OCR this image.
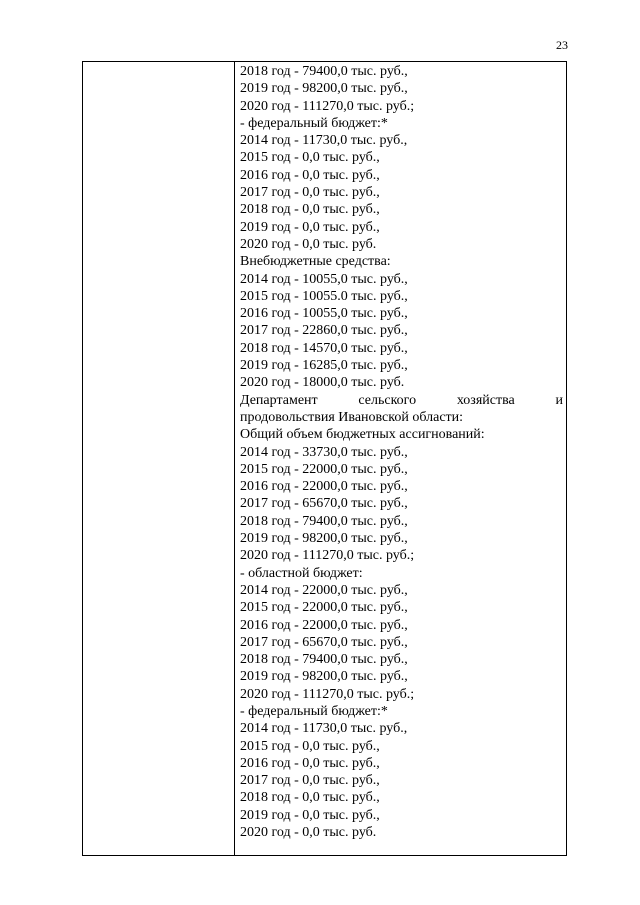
23
2018 год - 79400,0 тыс. руб.,
2019 год - 98200,0 тыс. руб.,
2020 год - 111270,0 тыс. руб.;
- федеральный бюджет:*
2014 год - 11730,0 тыс. руб.,
2015 год - 0,0 тыс. руб.,
2016 год - 0,0 тыс. руб.,
2017 год - 0,0 тыс. руб.,
2018 год - 0,0 тыс. руб.,
2019 год - 0,0 тыс. руб.,
2020 год - 0,0 тыс. руб.
Внебюджетные средства:
2014 год - 10055,0 тыс. руб.,
2015 год - 10055.0 тыс. руб.,
2016 год - 10055,0 тыс. руб.,
2017 год - 22860,0 тыс. руб.,
2018 год - 14570,0 тыс. руб.,
2019 год - 16285,0 тыс. руб.,
2020 год - 18000,0 тыс. руб.
Департамент	сельского	хозяйства	и
продовольствия Ивановской области:
Общий объем бюджетных ассигнований:
2014 год - 33730,0 тыс. руб.,
2015 год - 22000,0 тыс. руб.,
2016 год - 22000,0 тыс. руб.,
2017 год - 65670,0 тыс. руб.,
2018 год - 79400,0 тыс. руб.,
2019 год - 98200,0 тыс. руб.,
2020 год - 111270,0 тыс. руб.;
- областной бюджет:
2014 год - 22000,0 тыс. руб.,
2015 год - 22000,0 тыс. руб.,
2016 год - 22000,0 тыс. руб.,
2017 год - 65670,0 тыс. руб.,
2018 год - 79400,0 тыс. руб.,
2019 год - 98200,0 тыс. руб.,
2020 год - 111270,0 тыс. руб.;
- федеральный бюджет:*
2014 год - 11730,0 тыс. руб.,
2015 год - 0,0 тыс. руб.,
2016 год - 0,0 тыс. руб.,
2017 год - 0,0 тыс. руб.,
2018 год - 0,0 тыс. руб.,
2019 год - 0,0 тыс. руб.,
2020 год - 0,0 тыс. руб.
